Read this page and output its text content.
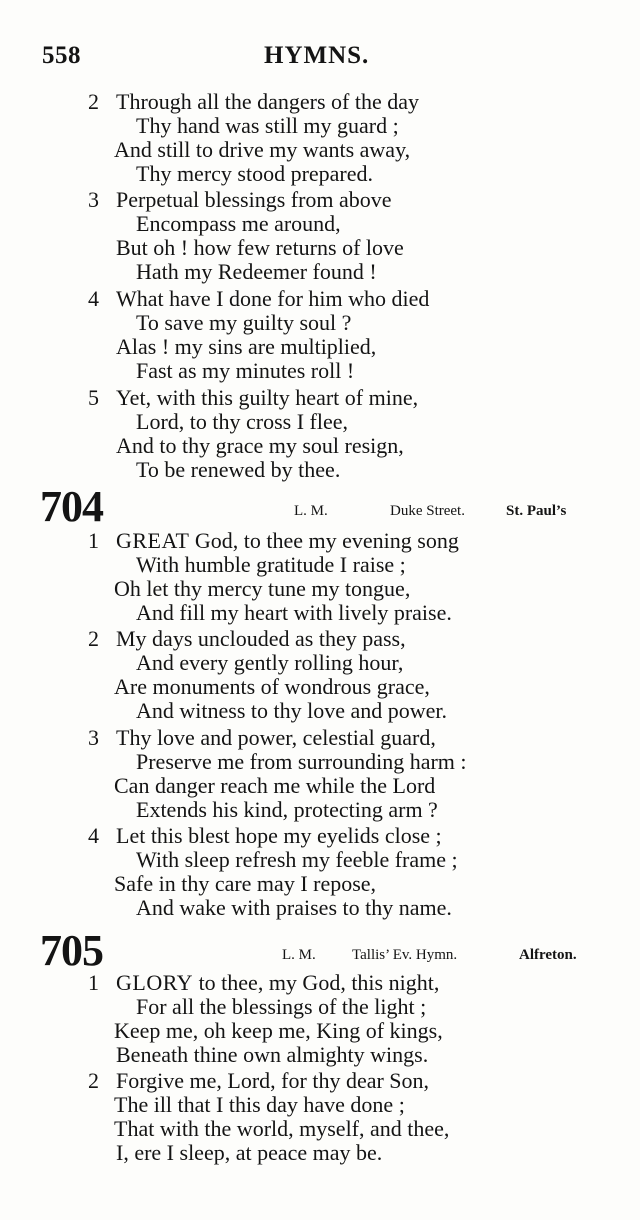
558	HYMNS.
2 Through all the dangers of the day
Thy hand was still my guard ;
And still to drive my wants away,
Thy mercy stood prepared.
3 Perpetual blessings from above
Encompass me around,
But oh ! how few returns of love
Hath my Redeemer found !
4 What have I done for him who died
To save my guilty soul ?
Alas ! my sins are multiplied,
Fast as my minutes roll !
5 Yet, with this guilty heart of mine,
Lord, to thy cross I flee,
And to thy grace my soul resign,
To be renewed by thee.
704	L. M.	Duke Street.	St. Paul’s
1 GREAT God, to thee my evening song
With humble gratitude I raise ;
Oh let thy mercy tune my tongue,
And fill my heart with lively praise.
2 My days unclouded as they pass,
And every gently rolling hour,
Are monuments of wondrous grace,
And witness to thy love and power.
3 Thy love and power, celestial guard,
Preserve me from surrounding harm :
Can danger reach me while the Lord
Extends his kind, protecting arm ?
4 Let this blest hope my eyelids close ;
With sleep refresh my feeble frame ;
Safe in thy care may I repose,
And wake with praises to thy name.
705	L. M. Tallis’ Ev. Hymn.	Alfreton.
1 GLORY to thee, my God, this night,
For all the blessings of the light ;
Keep me, oh keep me, King of kings,
Beneath thine own almighty wings.
2 Forgive me, Lord, for thy dear Son,
The ill that I this day have done ;
That with the world, myself, and thee,
I, ere I sleep, at peace may be.
